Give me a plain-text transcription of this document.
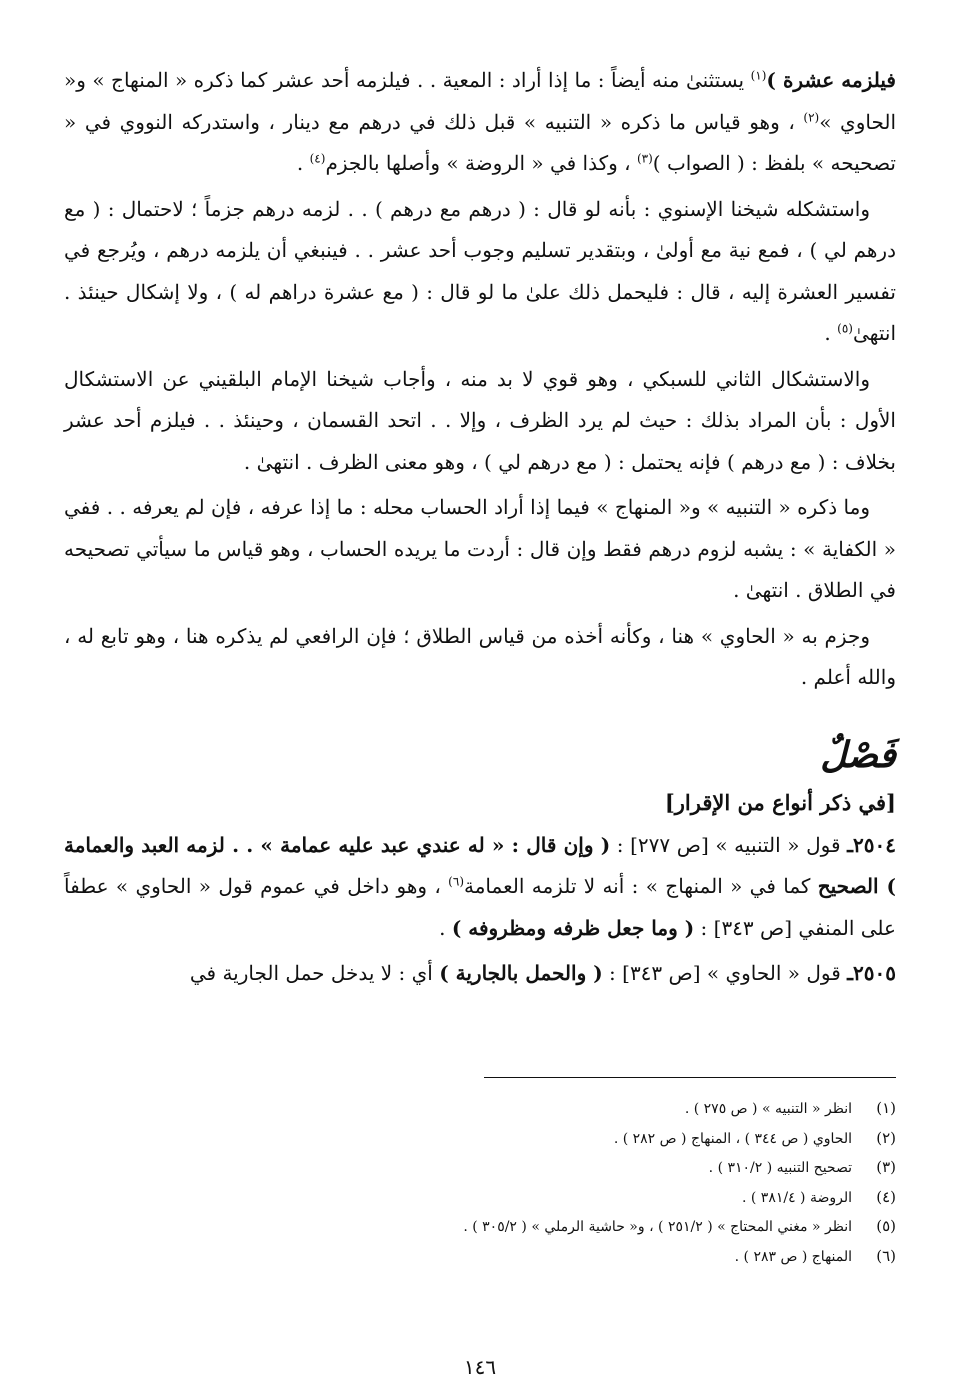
فيلزمه عشرة )$^{(١)}$ يستثنىٰ منه أيضاً : ما إذا أراد : المعية . . فيلزمه أحد عشر كما ذكره « المنهاج » و« الحاوي »$^{(٢)}$ ، وهو قياس ما ذكره « التنبيه » قبل ذلك في درهم مع دينار ، واستدركه النووي في « تصحيحه » بلفظ : ( الصواب )$^{(٣)}$ ، وكذا في « الروضة » وأصلها بالجزم$^{(٤)}$ .

واستشكله شيخنا الإسنوي : بأنه لو قال : ( درهم مع درهم ) . . لزمه درهم جزماً ؛ لاحتمال : ( مع درهم لي ) ، فمع نية مع أولىٰ ، وبتقدير تسليم وجوب أحد عشر . . فينبغي أن يلزمه درهم ، ويُرجع في تفسير العشرة إليه ، قال : فليحمل ذلك علىٰ ما لو قال : ( مع عشرة دراهم له ) ، ولا إشكال حينئذ . انتهىٰ$^{(٥)}$ .

والاستشكال الثاني للسبكي ، وهو قوي لا بد منه ، وأجاب شيخنا الإمام البلقيني عن الاستشكال الأول : بأن المراد بذلك : حيث لم يرد الظرف ، وإلا . . اتحد القسمان ، وحينئذ . . فيلزم أحد عشر بخلاف : ( مع درهم ) فإنه يحتمل : ( مع درهم لي ) ، وهو معنى الظرف . انتهىٰ .

وما ذكره « التنبيه » و« المنهاج » فيما إذا أراد الحساب محله : ما إذا عرفه ، فإن لم يعرفه . . ففي « الكفاية » : يشبه لزوم درهم فقط وإن قال : أردت ما يريده الحساب ، وهو قياس ما سيأتي تصحيحه في الطلاق . انتهىٰ .

وجزم به « الحاوي » هنا ، وكأنه أخذه من قياس الطلاق ؛ فإن الرافعي لم يذكره هنا ، وهو تابع له ، والله أعلم .

فَصْلٌ
[في ذكر أنواع من الإقرار]

٢٥٠٤ـ قول « التنبيه » [ص ٢٧٧] : ( وإن قال : « له عندي عبد عليه عمامة » . . لزمه العبد والعمامة ) الصحيح كما في « المنهاج » : أنه لا تلزمه العمامة$^{(٦)}$ ، وهو داخل في عموم قول « الحاوي » عطفاً على المنفي [ص ٣٤٣] : ( وما جعل ظرفه ومظروفه ) .

٢٥٠٥ـ قول « الحاوي » [ص ٣٤٣] : ( والحمل بالجارية ) أي : لا يدخل حمل الجارية في

(١)
انظر « التنبيه » ( ص ٢٧٥ ) .
(٢)
الحاوي ( ص ٣٤٤ ) ، المنهاج ( ص ٢٨٢ ) .
(٣)
تصحيح التنبيه ( ٣١٠/٢ ) .
(٤)
الروضة ( ٣٨١/٤ ) .
(٥)
انظر « مغني المحتاج » ( ٢٥١/٢ ) ، و« حاشية الرملي » ( ٣٠٥/٢ ) .
(٦)
المنهاج ( ص ٢٨٣ ) .
١٤٦
